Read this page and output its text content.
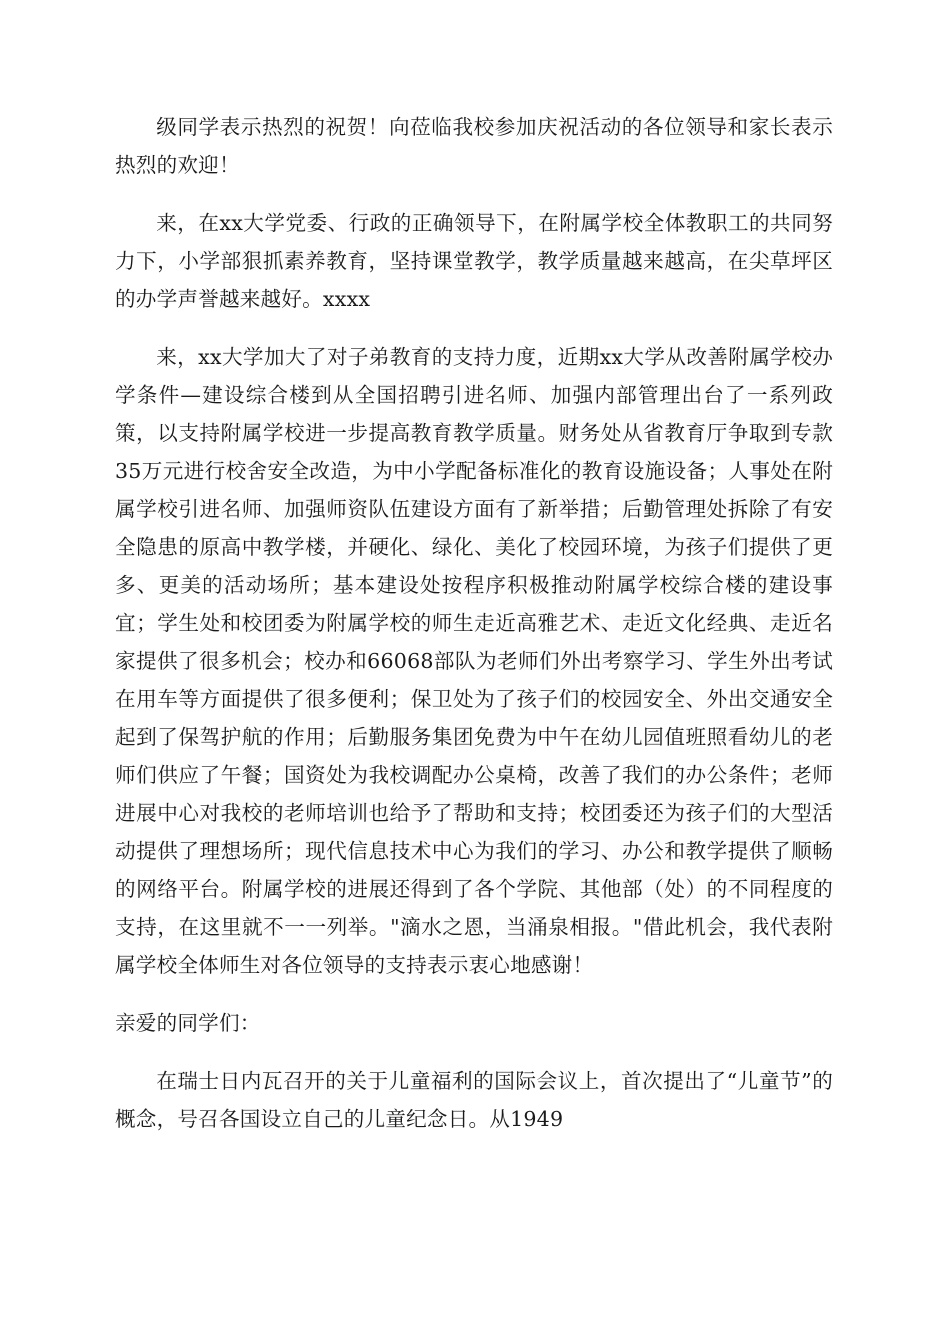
级同学表示热烈的祝贺！向莅临我校参加庆祝活动的各位领导和家长表示热烈的欢迎！

来，在xx大学党委、行政的正确领导下，在附属学校全体教职工的共同努力下，小学部狠抓素养教育，坚持课堂教学，教学质量越来越高，在尖草坪区的办学声誉越来越好。xxxx

来，xx大学加大了对子弟教育的支持力度，近期xx大学从改善附属学校办学条件—建设综合楼到从全国招聘引进名师、加强内部管理出台了一系列政策，以支持附属学校进一步提高教育教学质量。财务处从省教育厅争取到专款35万元进行校舍安全改造，为中小学配备标准化的教育设施设备；人事处在附属学校引进名师、加强师资队伍建设方面有了新举措；后勤管理处拆除了有安全隐患的原高中教学楼，并硬化、绿化、美化了校园环境，为孩子们提供了更多、更美的活动场所；基本建设处按程序积极推动附属学校综合楼的建设事宜；学生处和校团委为附属学校的师生走近高雅艺术、走近文化经典、走近名家提供了很多机会；校办和66068部队为老师们外出考察学习、学生外出考试在用车等方面提供了很多便利；保卫处为了孩子们的校园安全、外出交通安全起到了保驾护航的作用；后勤服务集团免费为中午在幼儿园值班照看幼儿的老师们供应了午餐；国资处为我校调配办公桌椅，改善了我们的办公条件；老师进展中心对我校的老师培训也给予了帮助和支持；校团委还为孩子们的大型活动提供了理想场所；现代信息技术中心为我们的学习、办公和教学提供了顺畅的网络平台。附属学校的进展还得到了各个学院、其他部（处）的不同程度的支持，在这里就不一一列举。"滴水之恩，当涌泉相报。"借此机会，我代表附属学校全体师生对各位领导的支持表示衷心地感谢！

亲爱的同学们：

在瑞士日内瓦召开的关于儿童福利的国际会议上，首次提出了“儿童节”的概念，号召各国设立自己的儿童纪念日。从1949
